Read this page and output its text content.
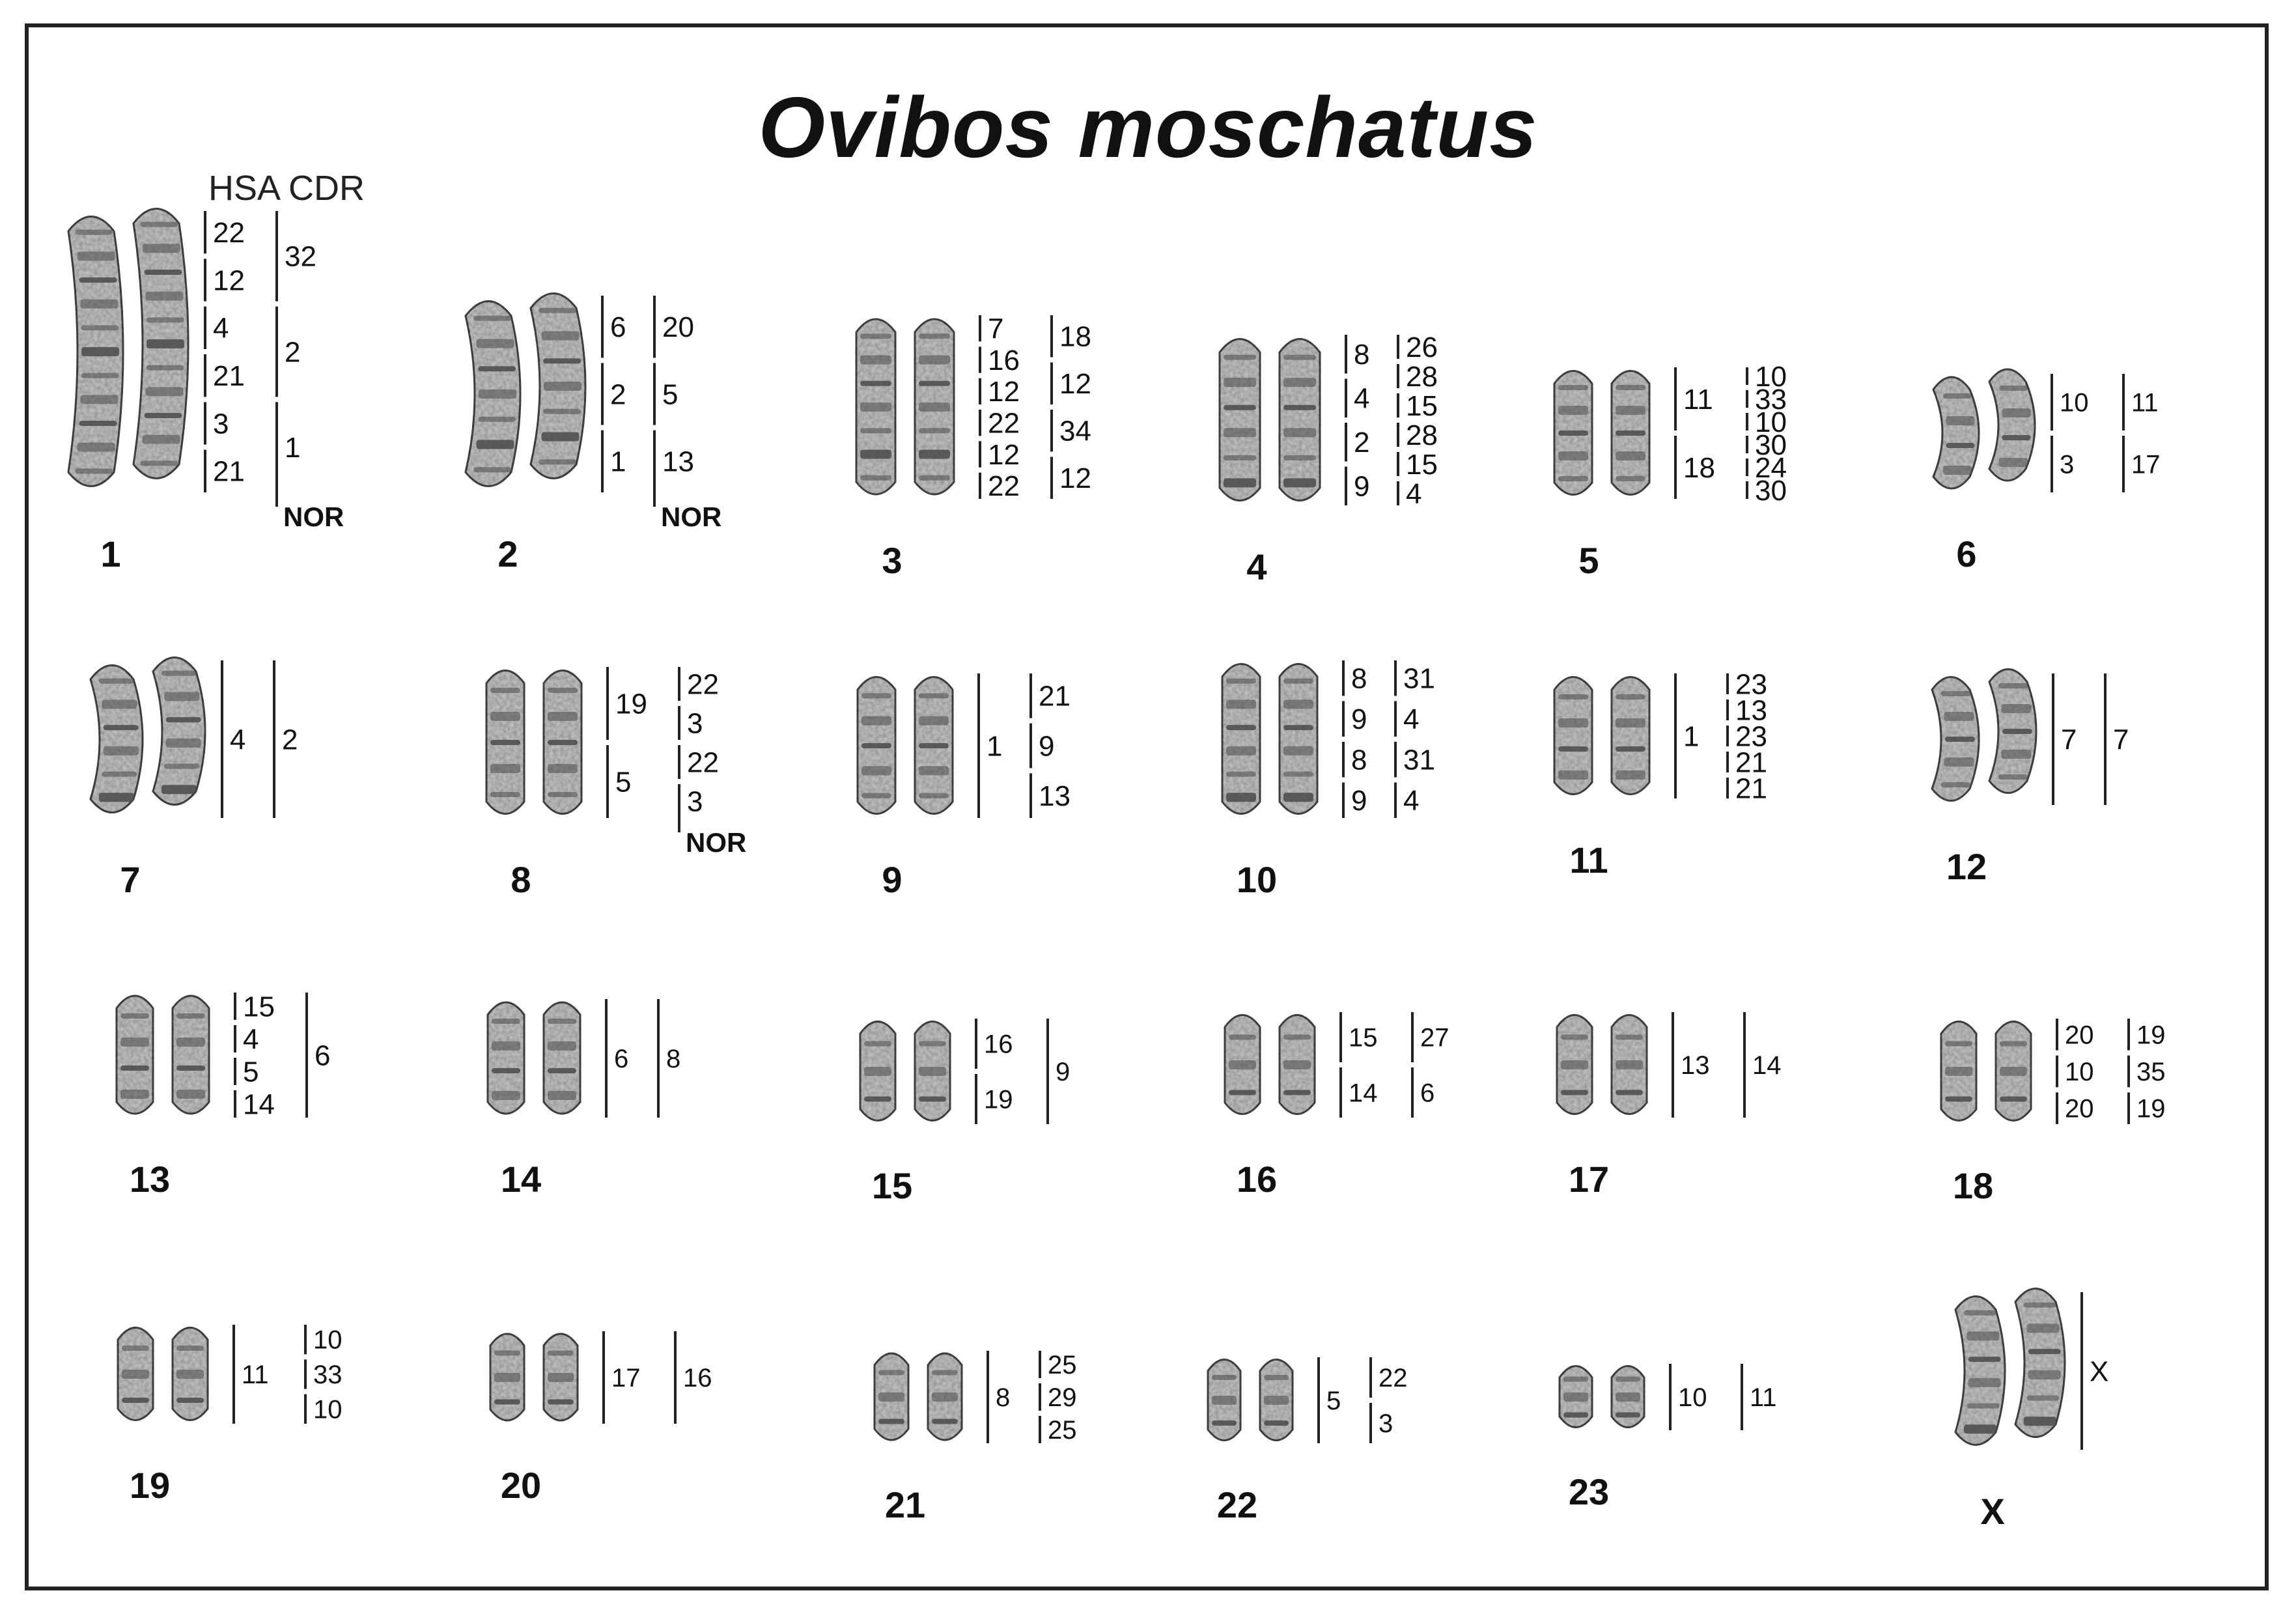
Ovibos moschatus
HSA CDR
1
22
12
4
21
3
21
32
2
1
NOR
2
6
2
1
20
5
13
NOR
3
7
16
12
22
12
22
18
12
34
12
4
8
4
2
9
26
28
15
28
15
4
5
11
18
10
33
10
30
24
30
6
10
3
11
17
7
4 2
8
19
5
22
3
22
3
NOR
9
1
21
9
13
10
8
9
8
9
31
4
31
4
11
1
23
13
23
21
21
12
7 7
13
15
4
5
14
6
14
6 8
15
16
19
9
16
15
14
27
6
17
13 14
18
20
10
20
19
35
19
19
11
10
33
10
20
17 16
21
8
25
29
25
22
5
22
3
23
10 11
X
X
